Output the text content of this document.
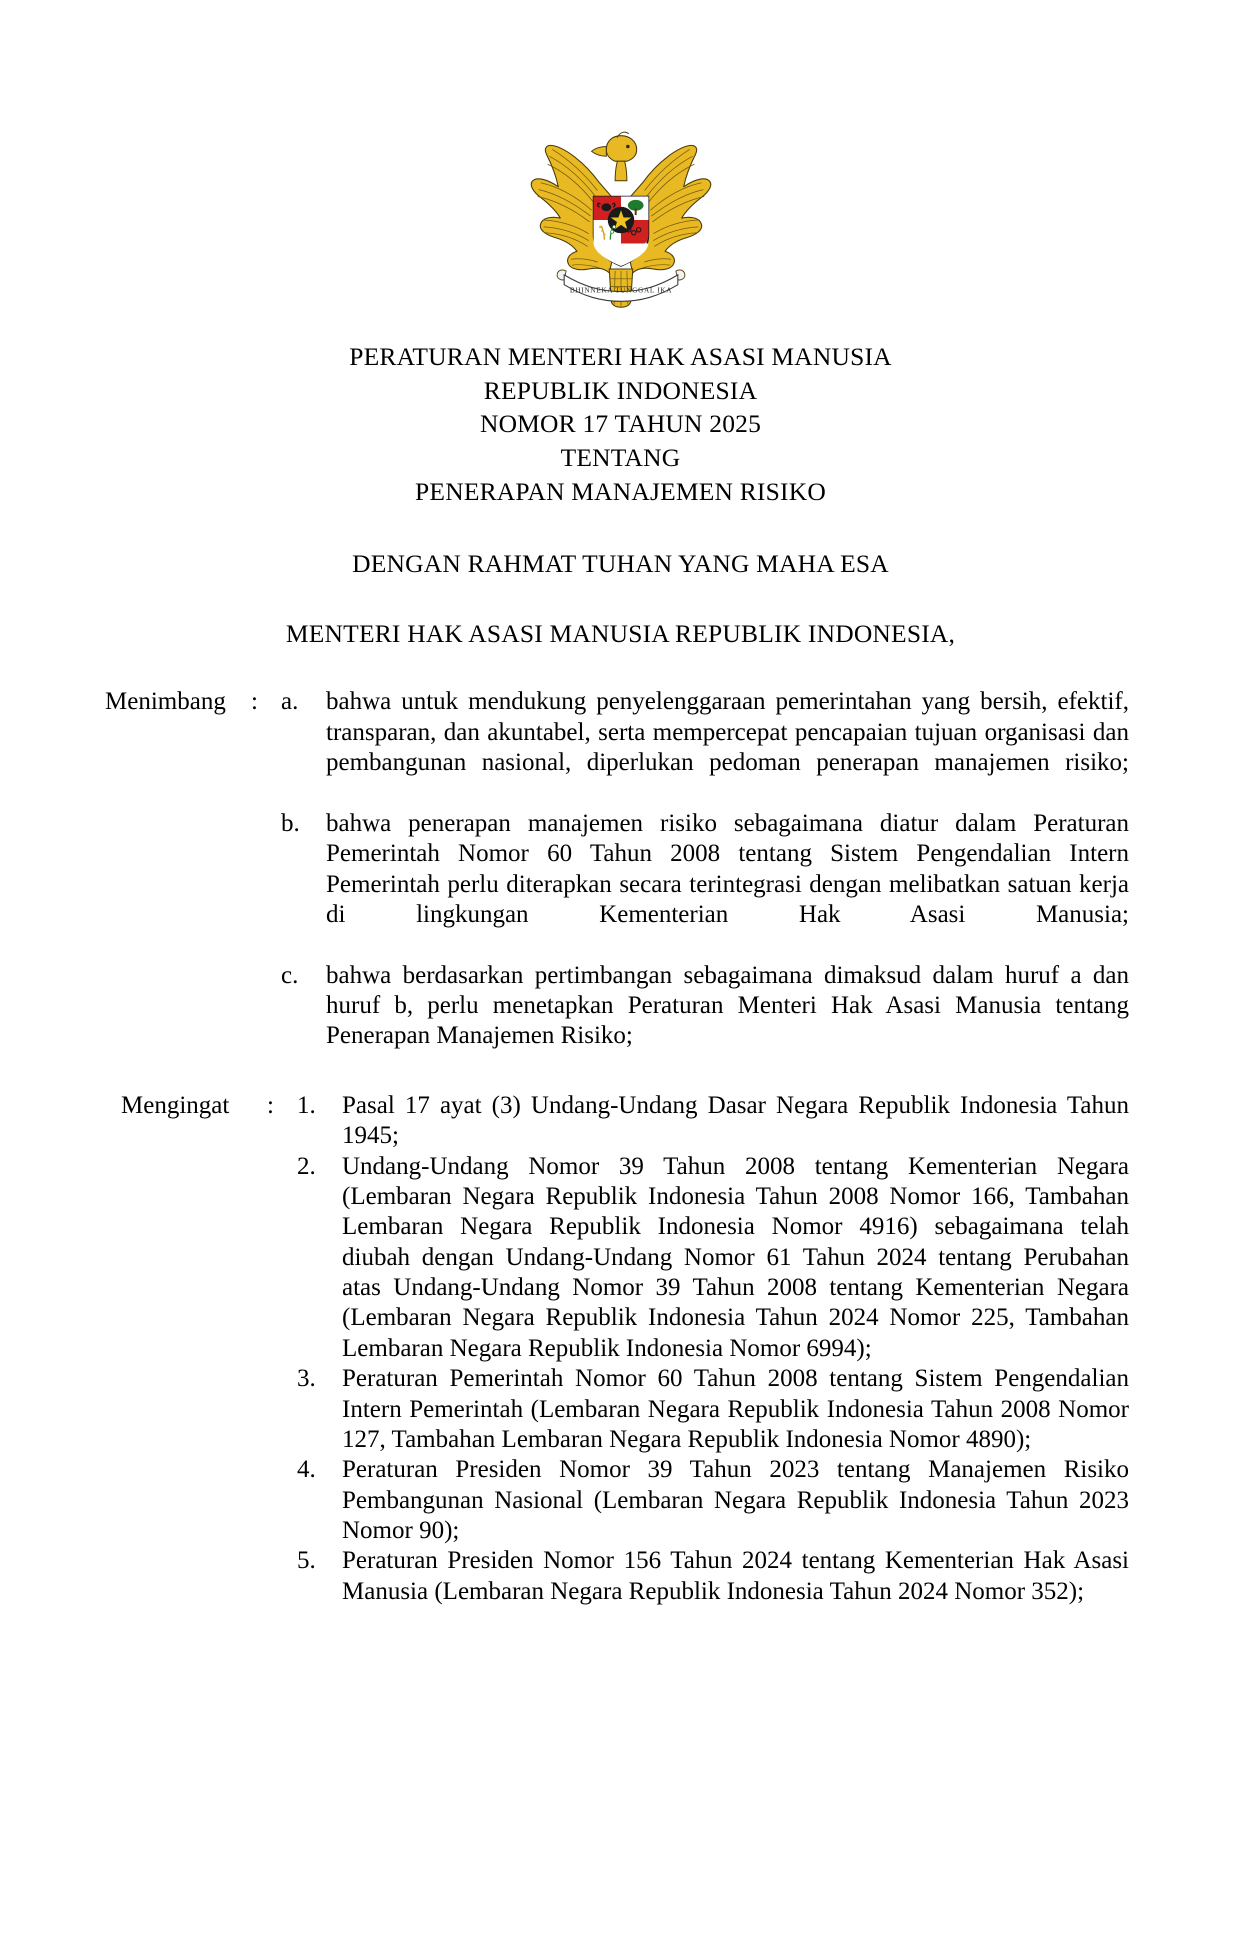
BHINNEKA TUNGGAL IKA
PERATURAN MENTERI HAK ASASI MANUSIA
REPUBLIK INDONESIA
NOMOR 17 TAHUN 2025
TENTANG
PENERAPAN MANAJEMEN RISIKO
DENGAN RAHMAT TUHAN YANG MAHA ESA
MENTERI HAK ASASI MANUSIA REPUBLIK INDONESIA,
Menimbang	: a.	bahwa untuk mendukung penyelenggaraan pemerintahan yang bersih, efektif, transparan, dan akuntabel, serta mempercepat pencapaian tujuan organisasi dan pembangunan nasional, diperlukan pedoman penerapan manajemen risiko;
b.	bahwa penerapan manajemen risiko sebagaimana diatur dalam Peraturan Pemerintah Nomor 60 Tahun 2008 tentang Sistem Pengendalian Intern Pemerintah perlu diterapkan secara terintegrasi dengan melibatkan satuan kerja di lingkungan Kementerian Hak Asasi Manusia;
c.	bahwa berdasarkan pertimbangan sebagaimana dimaksud dalam huruf a dan huruf b, perlu menetapkan Peraturan Menteri Hak Asasi Manusia tentang Penerapan Manajemen Risiko;
Mengingat	: 1.	Pasal 17 ayat (3) Undang-Undang Dasar Negara Republik Indonesia Tahun 1945;
2.	Undang-Undang Nomor 39 Tahun 2008 tentang Kementerian Negara (Lembaran Negara Republik Indonesia Tahun 2008 Nomor 166, Tambahan Lembaran Negara Republik Indonesia Nomor 4916) sebagaimana telah diubah dengan Undang-Undang Nomor 61 Tahun 2024 tentang Perubahan atas Undang-Undang Nomor 39 Tahun 2008 tentang Kementerian Negara (Lembaran Negara Republik Indonesia Tahun 2024 Nomor 225, Tambahan Lembaran Negara Republik Indonesia Nomor 6994);
3.	Peraturan Pemerintah Nomor 60 Tahun 2008 tentang Sistem Pengendalian Intern Pemerintah (Lembaran Negara Republik Indonesia Tahun 2008 Nomor 127, Tambahan Lembaran Negara Republik Indonesia Nomor 4890);
4.	Peraturan Presiden Nomor 39 Tahun 2023 tentang Manajemen Risiko Pembangunan Nasional (Lembaran Negara Republik Indonesia Tahun 2023 Nomor 90);
5.	Peraturan Presiden Nomor 156 Tahun 2024 tentang Kementerian Hak Asasi Manusia (Lembaran Negara Republik Indonesia Tahun 2024 Nomor 352);
